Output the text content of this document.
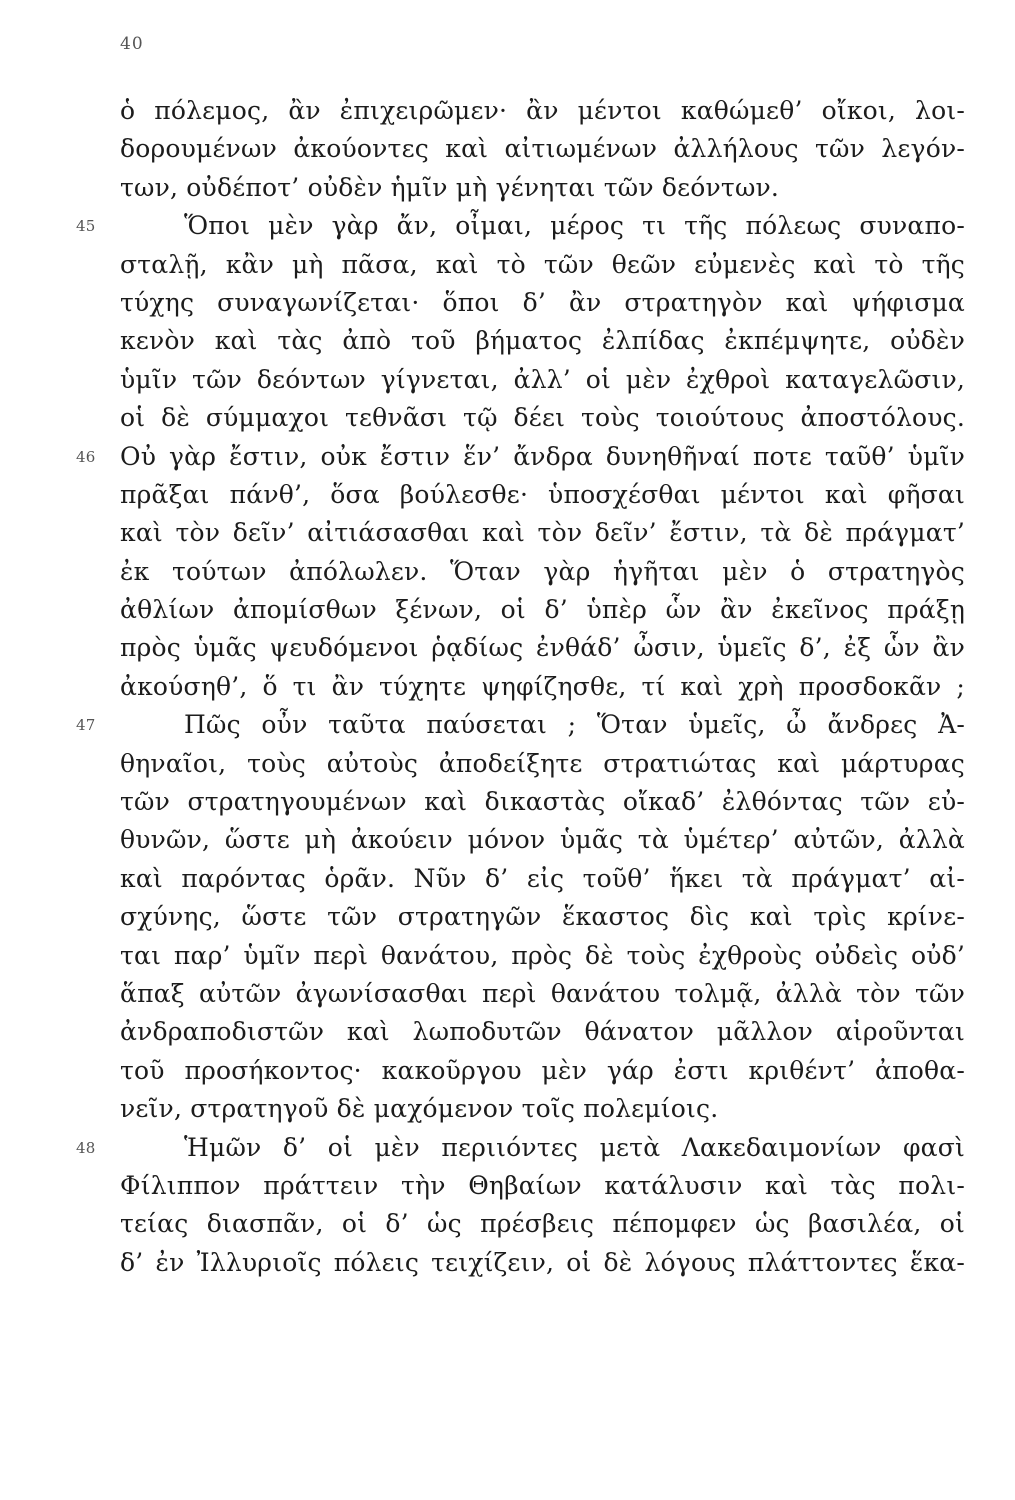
40
ὁ πόλεμος, ἂν ἐπιχειρῶμεν· ἂν μέντοι καθώμεθ’ οἴκοι, λοι-
δορουμένων ἀκούοντες καὶ αἰτιωμένων ἀλλήλους τῶν λεγόν-
των, οὐδέποτ’ οὐδὲν ἡμῖν μὴ γένηται τῶν δεόντων.
45	Ὅποι μὲν γὰρ ἄν, οἶμαι, μέρος τι τῆς πόλεως συναπο-
σταλῇ, κἂν μὴ πᾶσα, καὶ τὸ τῶν θεῶν εὐμενὲς καὶ τὸ τῆς
τύχης συναγωνίζεται· ὅποι δ’ ἂν στρατηγὸν καὶ ψήφισμα
κενὸν καὶ τὰς ἀπὸ τοῦ βήματος ἐλπίδας ἐκπέμψητε, οὐδὲν
ὑμῖν τῶν δεόντων γίγνεται, ἀλλ’ οἱ μὲν ἐχθροὶ καταγελῶσιν,
οἱ δὲ σύμμαχοι τεθνᾶσι τῷ δέει τοὺς τοιούτους ἀποστόλους.
46 Οὐ γὰρ ἔστιν, οὐκ ἔστιν ἕν’ ἄνδρα δυνηθῆναί ποτε ταῦθ’ ὑμῖν
πρᾶξαι πάνθ’, ὅσα βούλεσθε· ὑποσχέσθαι μέντοι καὶ φῆσαι
καὶ τὸν δεῖν’ αἰτιάσασθαι καὶ τὸν δεῖν’ ἔστιν, τὰ δὲ πράγματ’
ἐκ τούτων ἀπόλωλεν. Ὅταν γὰρ ἡγῆται μὲν ὁ στρατηγὸς
ἀθλίων ἀπομίσθων ξένων, οἱ δ’ ὑπὲρ ὧν ἂν ἐκεῖνος πράξῃ
πρὸς ὑμᾶς ψευδόμενοι ῥᾳδίως ἐνθάδ’ ὦσιν, ὑμεῖς δ’, ἐξ ὧν ἂν
ἀκούσηθ’, ὅ τι ἂν τύχητε ψηφίζησθε, τί καὶ χρὴ προσδοκᾶν ;
47	Πῶς οὖν ταῦτα παύσεται ; Ὅταν ὑμεῖς, ὦ ἄνδρες Ἀ-
θηναῖοι, τοὺς αὐτοὺς ἀποδείξητε στρατιώτας καὶ μάρτυρας
τῶν στρατηγουμένων καὶ δικαστὰς οἴκαδ’ ἐλθόντας τῶν εὐ-
θυνῶν, ὥστε μὴ ἀκούειν μόνον ὑμᾶς τὰ ὑμέτερ’ αὐτῶν, ἀλλὰ
καὶ παρόντας ὁρᾶν. Νῦν δ’ εἰς τοῦθ’ ἥκει τὰ πράγματ’ αἰ-
σχύνης, ὥστε τῶν στρατηγῶν ἕκαστος δὶς καὶ τρὶς κρίνε-
ται παρ’ ὑμῖν περὶ θανάτου, πρὸς δὲ τοὺς ἐχθροὺς οὐδεὶς οὐδ’
ἅπαξ αὐτῶν ἀγωνίσασθαι περὶ θανάτου τολμᾷ, ἀλλὰ τὸν τῶν
ἀνδραποδιστῶν καὶ λωποδυτῶν θάνατον μᾶλλον αἱροῦνται
τοῦ προσήκοντος· κακοῦργου μὲν γάρ ἐστι κριθέντ’ ἀποθα-
νεῖν, στρατηγοῦ δὲ μαχόμενον τοῖς πολεμίοις.
48	Ἡμῶν δ’ οἱ μὲν περιιόντες μετὰ Λακεδαιμονίων φασὶ
Φίλιππον πράττειν τὴν Θηβαίων κατάλυσιν καὶ τὰς πολι-
τείας διασπᾶν, οἱ δ’ ὡς πρέσβεις πέπομφεν ὡς βασιλέα, οἱ
δ’ ἐν Ἰλλυριοῖς πόλεις τειχίζειν, οἱ δὲ λόγους πλάττοντες ἕκα-
